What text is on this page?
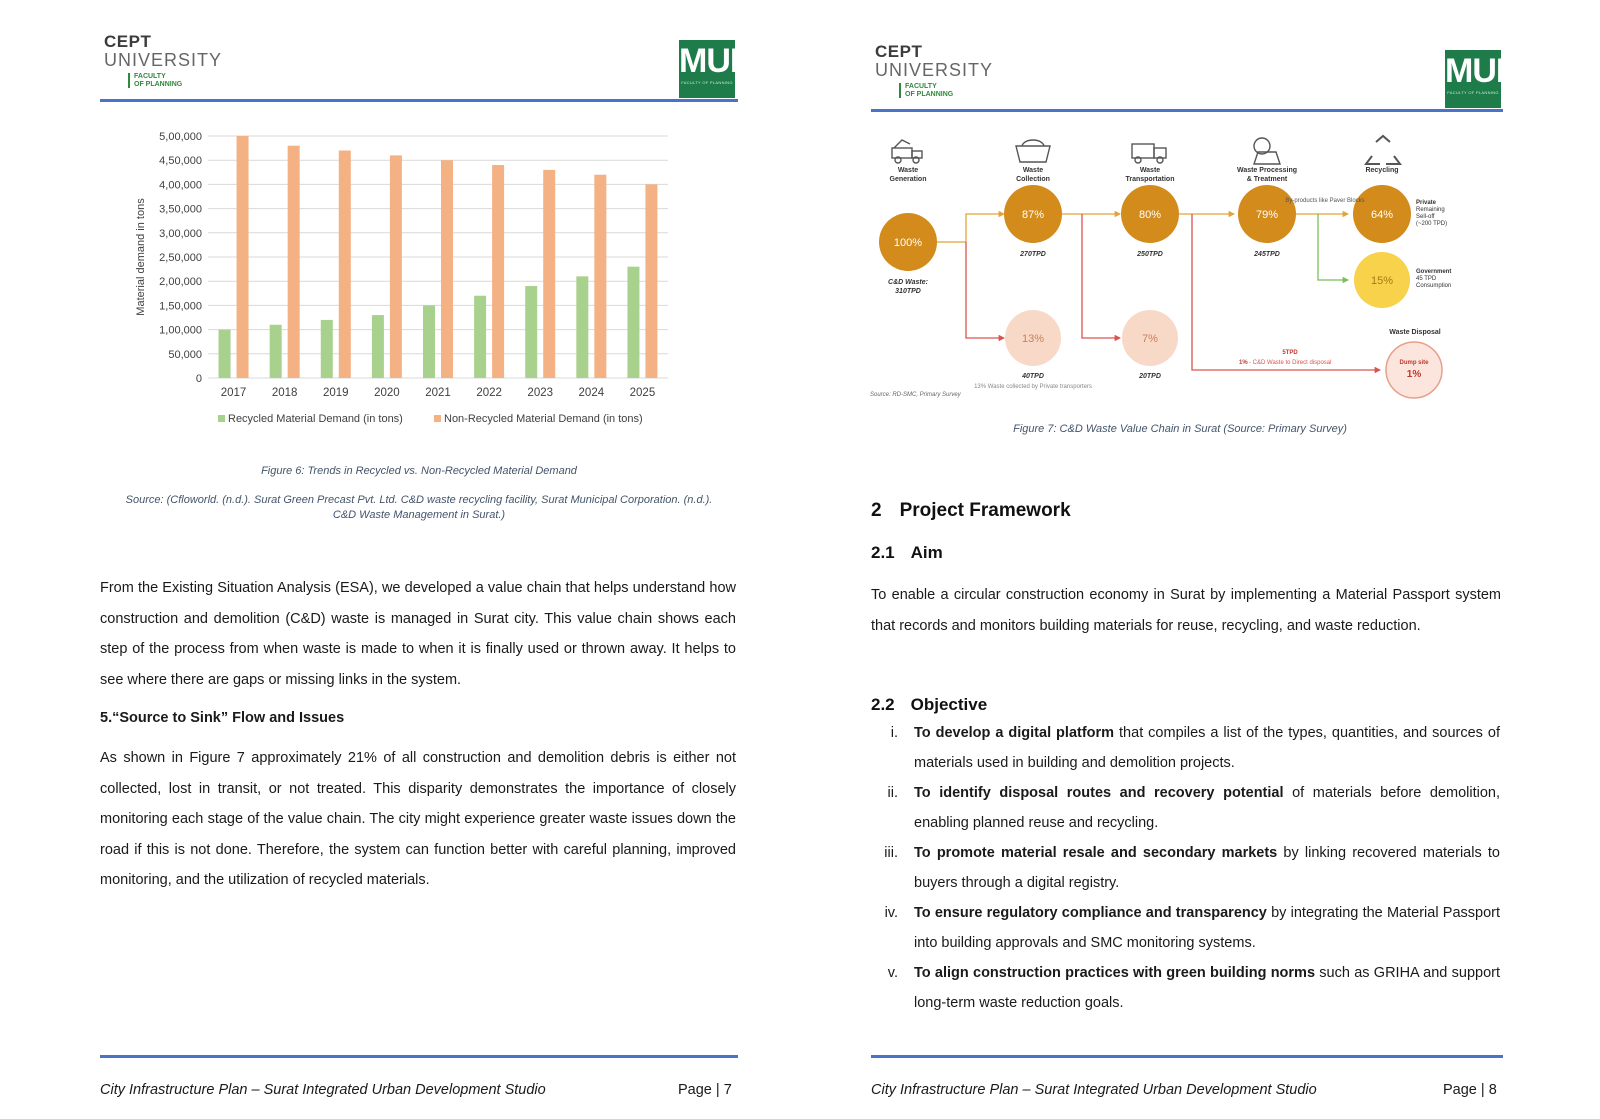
CEPT
UNIVERSITY
FACULTY
OF PLANNING
MUI
FACULTY OF PLANNING
0
50,000
1,00,000
1,50,000
2,00,000
2,50,000
3,00,000
3,50,000
4,00,000
4,50,000
5,00,000
Material demand in tons
2017 2018 2019 2020 2021 2022 2023 2024 2025
Recycled Material Demand (in tons)	Non-Recycled Material Demand (in tons)
Figure 6: Trends in Recycled vs. Non-Recycled Material Demand
Source: (Cfloworld. (n.d.). Surat Green Precast Pvt. Ltd. C&D waste recycling facility, Surat Municipal Corporation. (n.d.).
C&D Waste Management in Surat.)
From the Existing Situation Analysis (ESA), we developed a value chain that helps understand how construction and demolition (C&D) waste is managed in Surat city. This value chain shows each step of the process from when waste is made to when it is finally used or thrown away. It helps to see where there are gaps or missing links in the system.
5.“Source to Sink” Flow and Issues
As shown in Figure 7 approximately 21% of all construction and demolition debris is either not collected, lost in transit, or not treated. This disparity demonstrates the importance of closely monitoring each stage of the value chain. The city might experience greater waste issues down the road if this is not done. Therefore, the system can function better with careful planning, improved monitoring, and the utilization of recycled materials.
City Infrastructure Plan – Surat Integrated Urban Development Studio	Page | 7
CEPT
UNIVERSITY
FACULTY
OF PLANNING
MUI
FACULTY OF PLANNING
Waste
Generation
Waste
Collection
Waste
Transportation
Waste Processing
& Treatment
Recycling
100%
C&D Waste:
310TPD
87%
270TPD
80%
250TPD
79%
245TPD
64%
13%
40TPD
13% Waste collected by Private transporters
7%
20TPD
By-products like Paver Blocks	Private
Remaining
Sell-off
(~200 TPD)
15%
Government
45 TPD
Consumption
Waste Disposal
Dump site
1%
5TPD
1% - C&D Waste to Direct disposal
Source: RD-SMC, Primary Survey
Figure 7: C&D Waste Value Chain in Surat (Source: Primary Survey)
2 Project Framework
2.1 Aim
To enable a circular construction economy in Surat by implementing a Material Passport system that records and monitors building materials for reuse, recycling, and waste reduction.
2.2 Objective
i.	To develop a digital platform that compiles a list of the types, quantities, and sources of materials used in building and demolition projects.
ii.	To identify disposal routes and recovery potential of materials before demolition, enabling planned reuse and recycling.
iii.	To promote material resale and secondary markets by linking recovered materials to buyers through a digital registry.
iv.	To ensure regulatory compliance and transparency by integrating the Material Passport into building approvals and SMC monitoring systems.
v.	To align construction practices with green building norms such as GRIHA and support long-term waste reduction goals.
City Infrastructure Plan – Surat Integrated Urban Development Studio	Page | 8
